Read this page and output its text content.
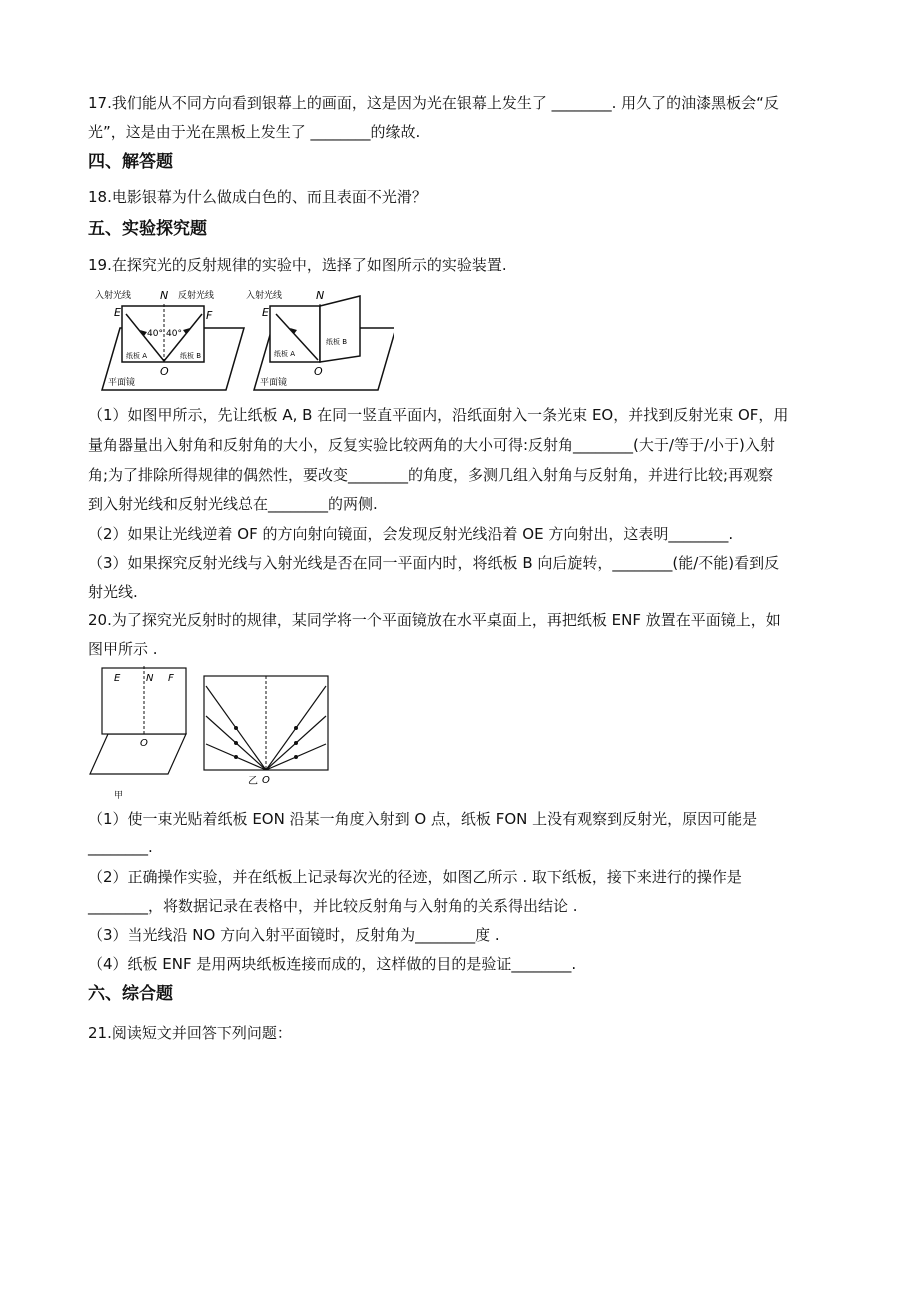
17.我们能从不同方向看到银幕上的画面，这是因为光在银幕上发生了 ________. 用久了的油漆黑板会“反
光”，这是由于光在黑板上发生了 ________的缘故.
四、解答题
18.电影银幕为什么做成白色的、而且表面不光滑？
五、实验探究题
19.在探究光的反射规律的实验中，选择了如图所示的实验装置.
入射光线	N 反射光线
E	F
40° 40°
纸板 A	纸板 B
O
平面镜
入射光线	N
E
纸板 A
纸板 B
O
平面镜
（1）如图甲所示，先让纸板 A, B 在同一竖直平面内，沿纸面射入一条光束 EO，并找到反射光束 OF，用
量角器量出入射角和反射角的大小，反复实验比较两角的大小可得:反射角________(大于/等于/小于)入射
角;为了排除所得规律的偶然性，要改变________的角度，多测几组入射角与反射角，并进行比较;再观察
到入射光线和反射光线总在________的两侧.
（2）如果让光线逆着 OF 的方向射向镜面，会发现反射光线沿着 OE 方向射出，这表明________.
（3）如果探究反射光线与入射光线是否在同一平面内时，将纸板 B 向后旋转，________(能/不能)看到反
射光线.
20.为了探究光反射时的规律，某同学将一个平面镜放在水平桌面上，再把纸板 ENF 放置在平面镜上，如
图甲所示 .
E	N F
O
甲
乙 O
（1）使一束光贴着纸板 EON 沿某一角度入射到 O 点，纸板 FON 上没有观察到反射光，原因可能是
________.
（2）正确操作实验，并在纸板上记录每次光的径迹，如图乙所示 . 取下纸板，接下来进行的操作是
________，将数据记录在表格中，并比较反射角与入射角的关系得出结论 .
（3）当光线沿 NO 方向入射平面镜时，反射角为________度 .
（4）纸板 ENF 是用两块纸板连接而成的，这样做的目的是验证________.
六、综合题
21.阅读短文并回答下列问题：
